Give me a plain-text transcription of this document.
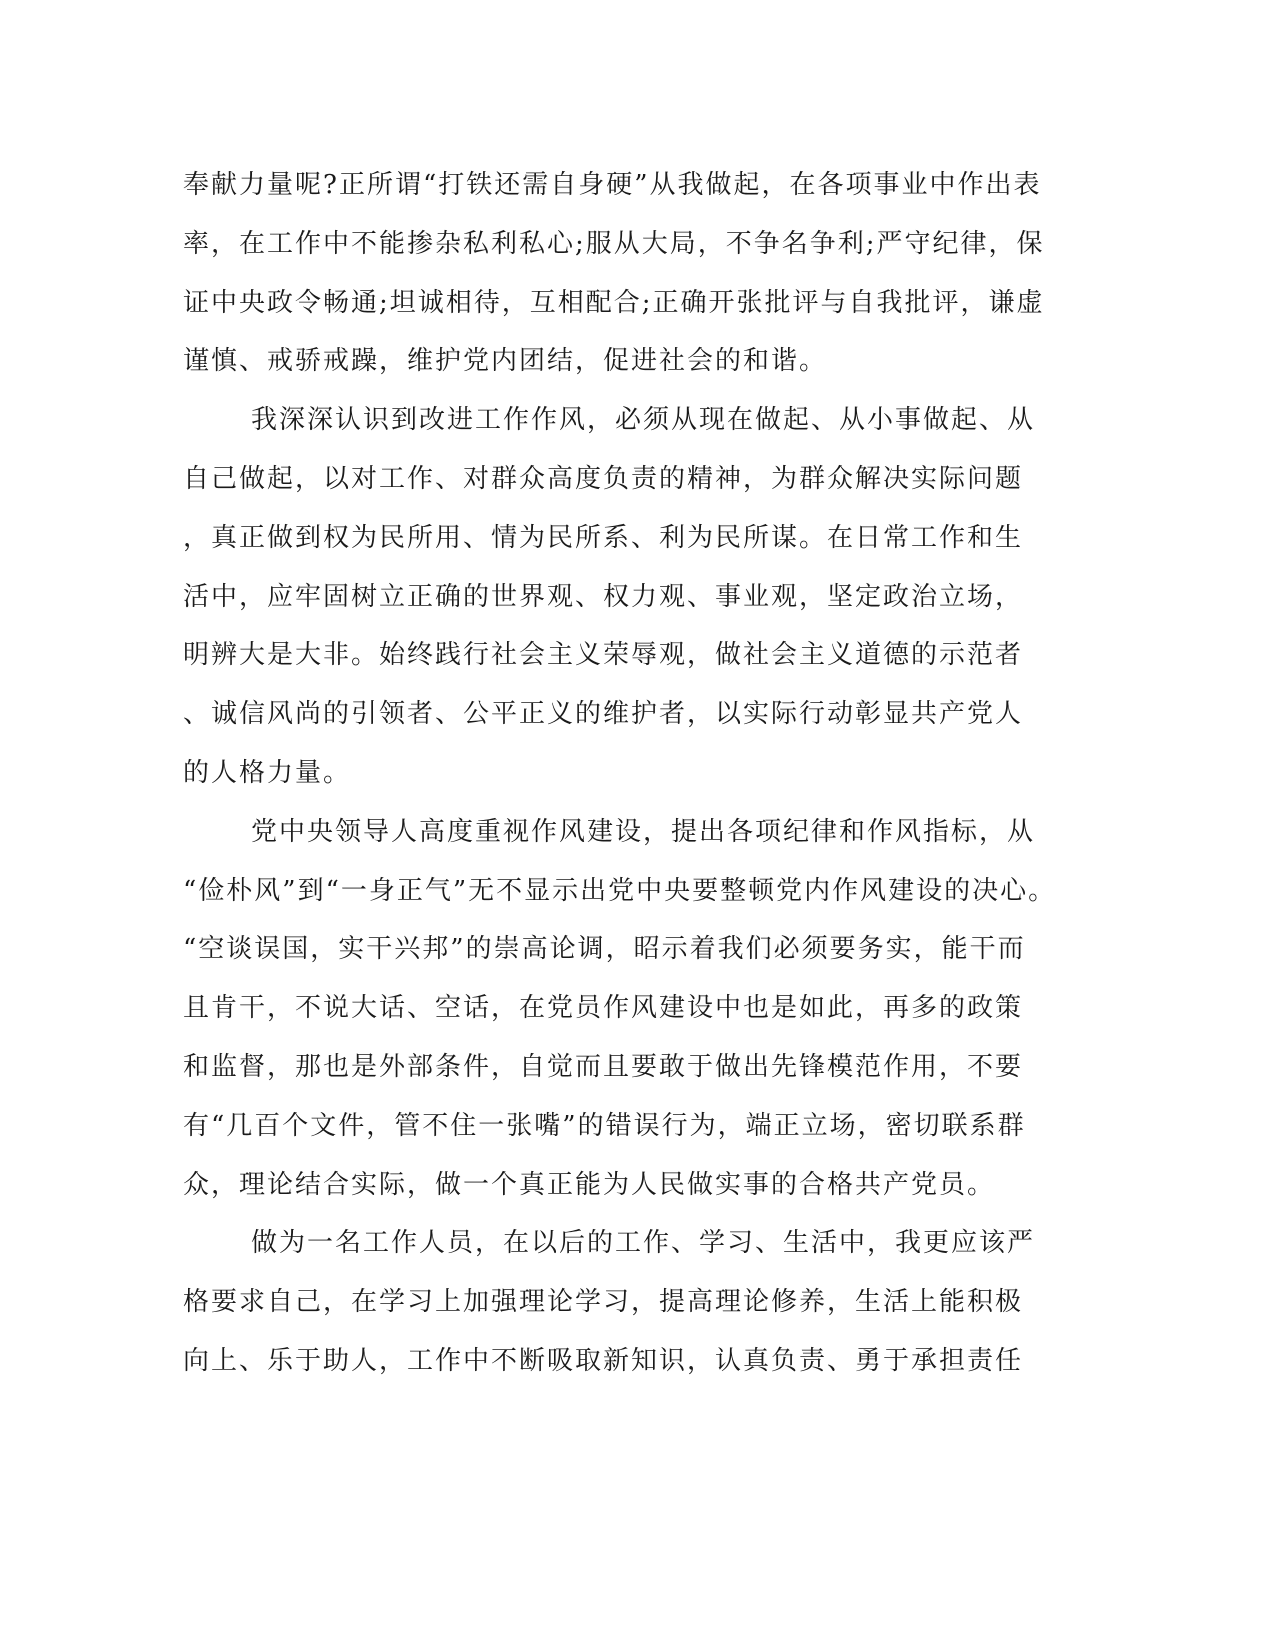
奉献力量呢?正所谓“打铁还需自身硬”从我做起，在各项事业中作出表
率，在工作中不能掺杂私利私心;服从大局，不争名争利;严守纪律，保
证中央政令畅通;坦诚相待，互相配合;正确开张批评与自我批评，谦虚
谨慎、戒骄戒躁，维护党内团结，促进社会的和谐。
我深深认识到改进工作作风，必须从现在做起、从小事做起、从
自己做起，以对工作、对群众高度负责的精神，为群众解决实际问题
，真正做到权为民所用、情为民所系、利为民所谋。在日常工作和生
活中，应牢固树立正确的世界观、权力观、事业观，坚定政治立场，
明辨大是大非。始终践行社会主义荣辱观，做社会主义道德的示范者
、诚信风尚的引领者、公平正义的维护者，以实际行动彰显共产党人
的人格力量。
党中央领导人高度重视作风建设，提出各项纪律和作风指标，从
“俭朴风”到“一身正气”无不显示出党中央要整顿党内作风建设的决心。
“空谈误国，实干兴邦”的崇高论调，昭示着我们必须要务实，能干而
且肯干，不说大话、空话，在党员作风建设中也是如此，再多的政策
和监督，那也是外部条件，自觉而且要敢于做出先锋模范作用，不要
有“几百个文件，管不住一张嘴”的错误行为，端正立场，密切联系群
众，理论结合实际，做一个真正能为人民做实事的合格共产党员。
做为一名工作人员，在以后的工作、学习、生活中，我更应该严
格要求自己，在学习上加强理论学习，提高理论修养，生活上能积极
向上、乐于助人，工作中不断吸取新知识，认真负责、勇于承担责任
